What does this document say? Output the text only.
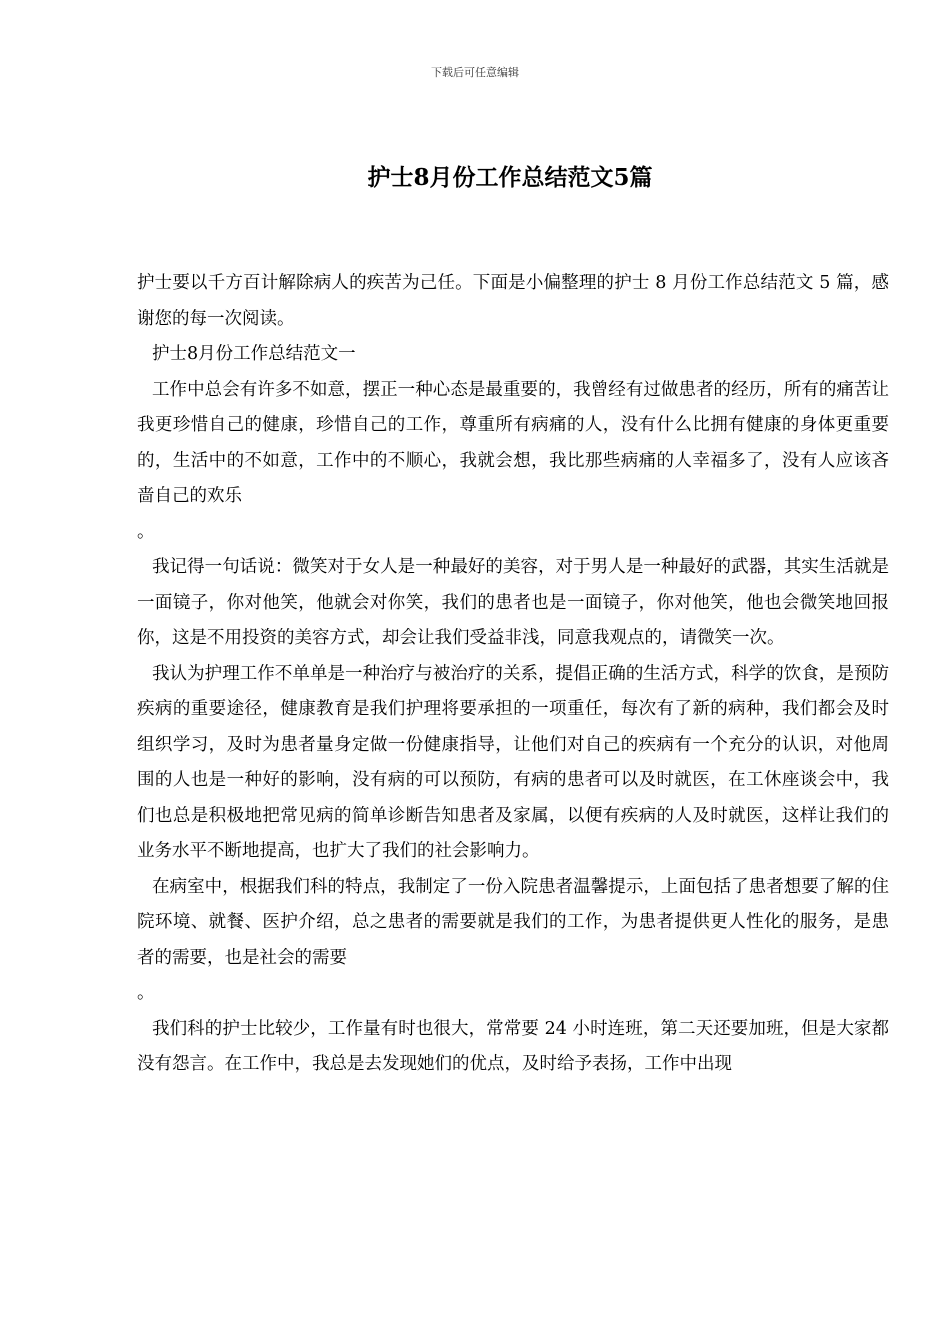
下载后可任意编辑
护士8月份工作总结范文5篇

护士要以千方百计解除病人的疾苦为己任。下面是小偏整理的护士 8 月份工作总结范文 5 篇，感谢您的每一次阅读。

护士8月份工作总结范文一

工作中总会有许多不如意，摆正一种心态是最重要的，我曾经有过做患者的经历，所有的痛苦让我更珍惜自己的健康，珍惜自己的工作，尊重所有病痛的人，没有什么比拥有健康的身体更重要的，生活中的不如意，工作中的不顺心，我就会想，我比那些病痛的人幸福多了，没有人应该吝啬自己的欢乐

。

我记得一句话说：微笑对于女人是一种最好的美容，对于男人是一种最好的武器，其实生活就是一面镜子，你对他笑，他就会对你笑，我们的患者也是一面镜子，你对他笑，他也会微笑地回报你，这是不用投资的美容方式，却会让我们受益非浅，同意我观点的，请微笑一次。

我认为护理工作不单单是一种治疗与被治疗的关系，提倡正确的生活方式，科学的饮食，是预防疾病的重要途径，健康教育是我们护理将要承担的一项重任，每次有了新的病种，我们都会及时组织学习，及时为患者量身定做一份健康指导，让他们对自己的疾病有一个充分的认识，对他周围的人也是一种好的影响，没有病的可以预防，有病的患者可以及时就医，在工休座谈会中，我们也总是积极地把常见病的简单诊断告知患者及家属，以便有疾病的人及时就医，这样让我们的业务水平不断地提高，也扩大了我们的社会影响力。

在病室中，根据我们科的特点，我制定了一份入院患者温馨提示，上面包括了患者想要了解的住院环境、就餐、医护介绍，总之患者的需要就是我们的工作，为患者提供更人性化的服务，是患者的需要，也是社会的需要

。

我们科的护士比较少，工作量有时也很大，常常要 24 小时连班，第二天还要加班，但是大家都没有怨言。在工作中，我总是去发现她们的优点，及时给予表扬，工作中出现
